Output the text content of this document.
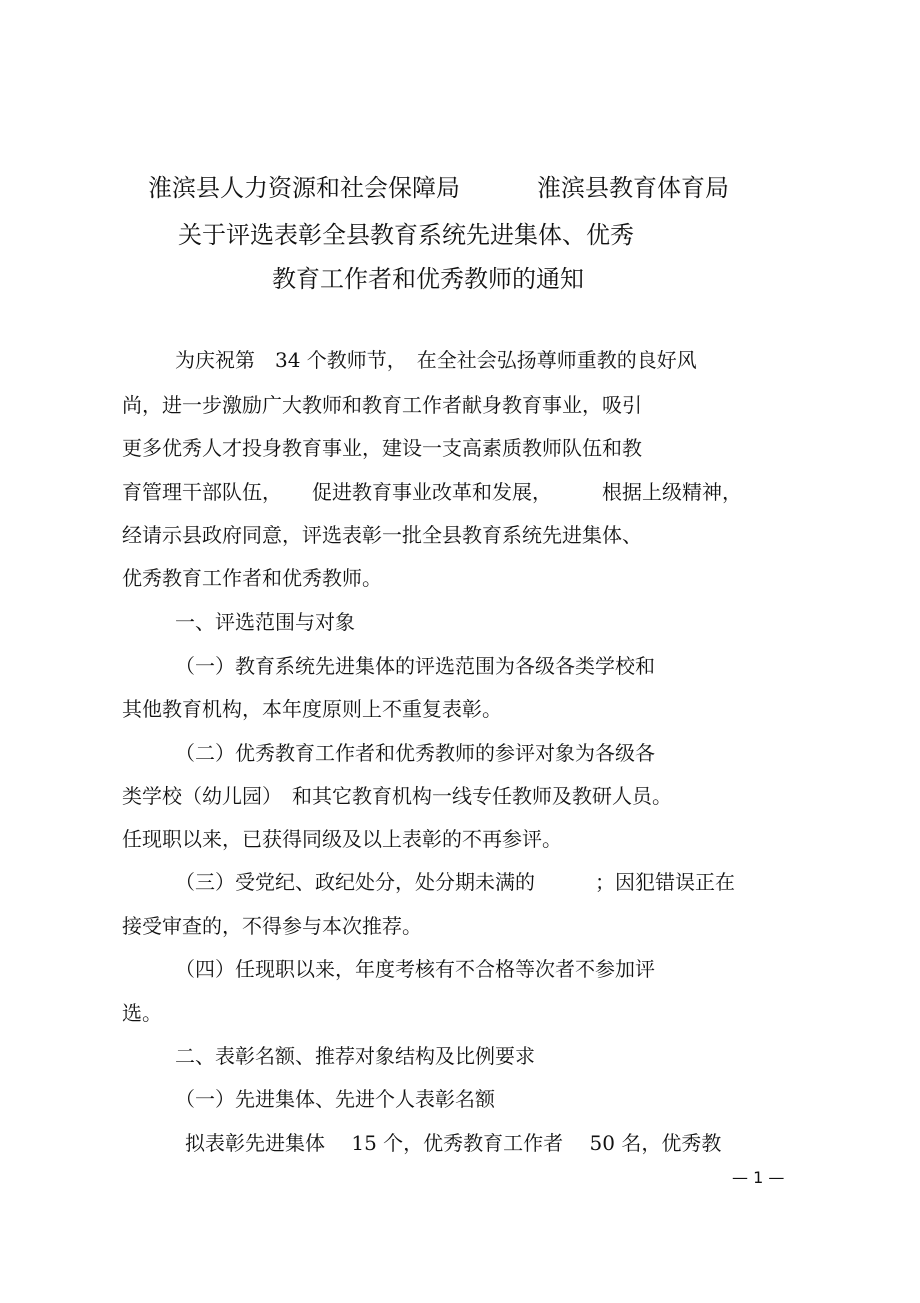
淮滨县人力资源和社会保障局	淮滨县教育体育局
关于评选表彰全县教育系统先进集体、优秀
教育工作者和优秀教师的通知
为庆祝第　34 个教师节，　在全社会弘扬尊师重教的良好风
尚，进一步激励广大教师和教育工作者献身教育事业，吸引
更多优秀人才投身教育事业，建设一支高素质教师队伍和教
育管理干部队伍，　　促进教育事业改革和发展，　　　根据上级精神，
经请示县政府同意，评选表彰一批全县教育系统先进集体、
优秀教育工作者和优秀教师。
一、评选范围与对象
（一）教育系统先进集体的评选范围为各级各类学校和
其他教育机构，本年度原则上不重复表彰。
（二）优秀教育工作者和优秀教师的参评对象为各级各
类学校（幼儿园）　和其它教育机构一线专任教师及教研人员。
任现职以来，已获得同级及以上表彰的不再参评。
（三）受党纪、政纪处分，处分期未满的　　　；因犯错误正在
接受审查的，不得参与本次推荐。
（四）任现职以来，年度考核有不合格等次者不参加评
选。
二、表彰名额、推荐对象结构及比例要求
（一）先进集体、先进个人表彰名额
拟表彰先进集体　 15 个，优秀教育工作者　 50 名，优秀教
— 1 —
